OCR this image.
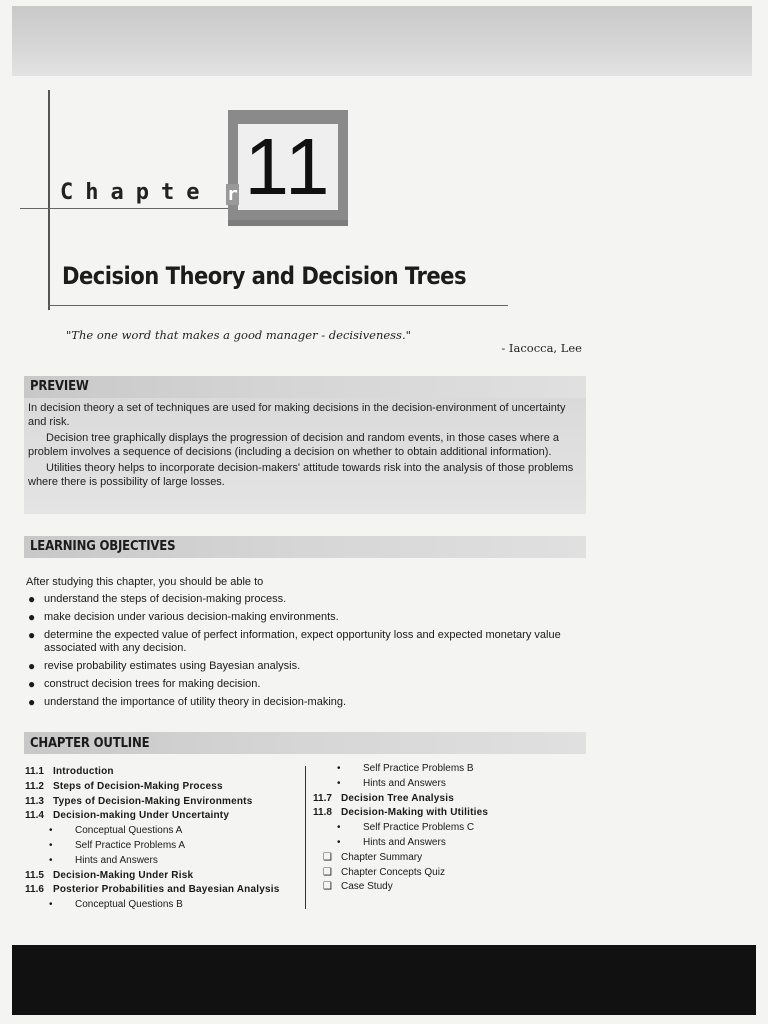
Chapte 11
r
Decision Theory and Decision Trees
"The one word that makes a good manager - decisiveness."
- Iacocca, Lee
PREVIEW

In decision theory a set of techniques are used for making decisions in the decision-environment of uncertainty and risk.

Decision tree graphically displays the progression of decision and random events, in those cases where a problem involves a sequence of decisions (including a decision on whether to obtain additional information).

Utilities theory helps to incorporate decision-makers' attitude towards risk into the analysis of those problems where there is possibility of large losses.

LEARNING OBJECTIVES
After studying this chapter, you should be able to
● understand the steps of decision-making process.
● make decision under various decision-making environments.
● determine the expected value of perfect information, expect opportunity loss and expected monetary value associated with any decision.
● revise probability estimates using Bayesian analysis.
● construct decision trees for making decision.
● understand the importance of utility theory in decision-making.
CHAPTER OUTLINE
11.1 Introduction
11.2 Steps of Decision-Making Process
11.3 Types of Decision-Making Environments
11.4 Decision-making Under Uncertainty
• Conceptual Questions A
• Self Practice Problems A
• Hints and Answers
11.5 Decision-Making Under Risk
11.6 Posterior Probabilities and Bayesian Analysis
• Conceptual Questions B
• Self Practice Problems B
• Hints and Answers
11.7 Decision Tree Analysis
11.8 Decision-Making with Utilities
• Self Practice Problems C
• Hints and Answers
❑ Chapter Summary
❑ Chapter Concepts Quiz
❑ Case Study
